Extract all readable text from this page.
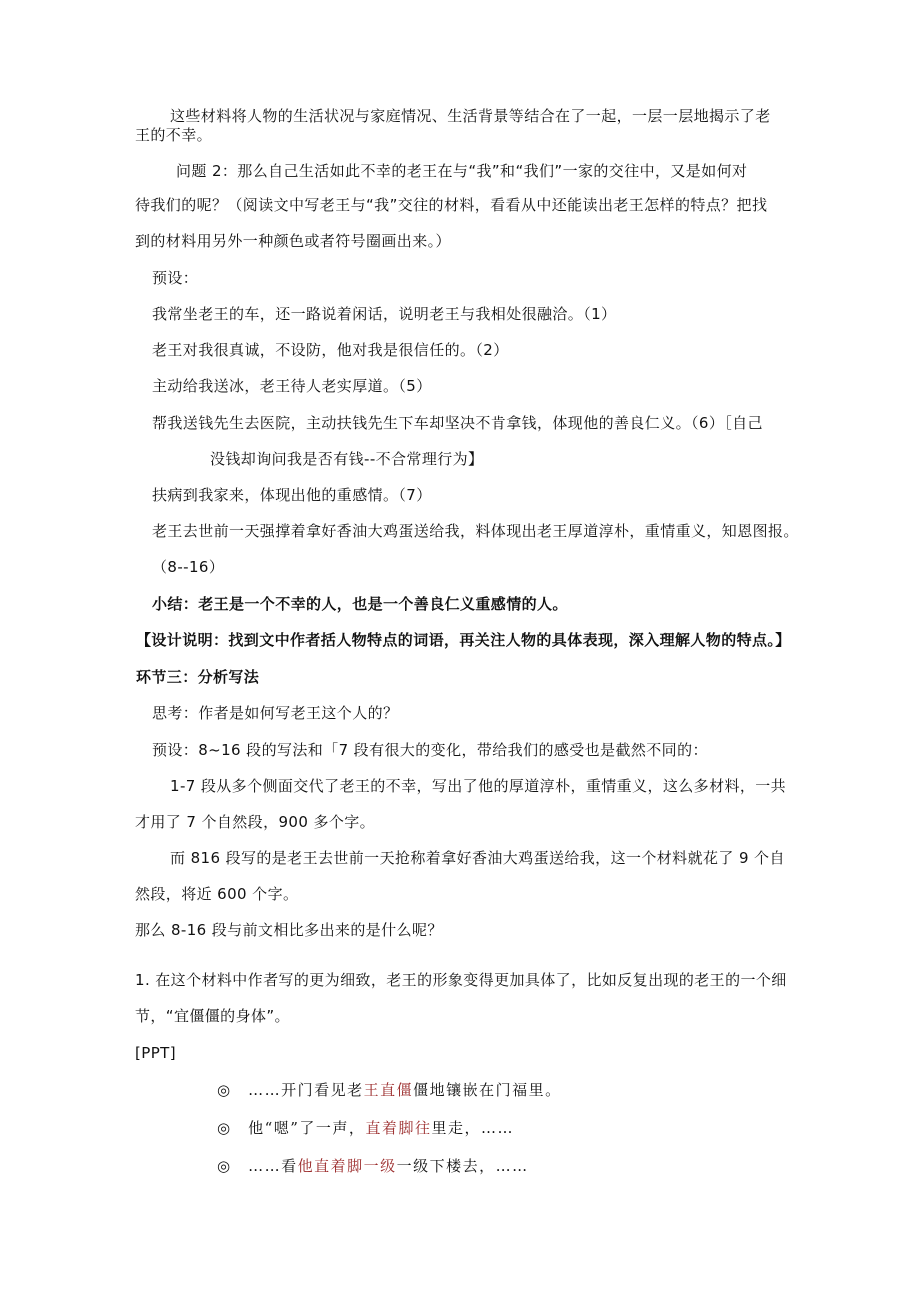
这些材料将人物的生活状况与家庭情况、生活背景等结合在了一起，一层一层地揭示了老
王的不幸。
问题 2：那么自己生活如此不幸的老王在与“我”和“我们”一家的交往中，又是如何对
待我们的呢？（阅读文中写老王与“我”交往的材料，看看从中还能读出老王怎样的特点？把找
到的材料用另外一种颜色或者符号圈画出来。）
预设：
我常坐老王的车，还一路说着闲话，说明老王与我相处很融洽。（1）
老王对我很真诚，不设防，他对我是很信任的。（2）
主动给我送冰，老王待人老实厚道。（5）
帮我送钱先生去医院，主动扶钱先生下车却坚决不肯拿钱，体现他的善良仁义。（6）［自己
没钱却询问我是否有钱--不合常理行为】
扶病到我家来，体现出他的重感情。（7）
老王去世前一天强撑着拿好香油大鸡蛋送给我，料体现出老王厚道淳朴，重情重义，知恩图报。
（8--16）
小结：老王是一个不幸的人，也是一个善良仁义重感情的人。
【设计说明：找到文中作者括人物特点的词语，再关注人物的具体表现，深入理解人物的特点。】
环节三：分析写法
思考：作者是如何写老王这个人的？
预设：8~16 段的写法和「7 段有很大的变化，带给我们的感受也是截然不同的：
1-7 段从多个侧面交代了老王的不幸，写出了他的厚道淳朴，重情重义，这么多材料，一共
才用了 7 个自然段，900 多个字。
而 816 段写的是老王去世前一天抢称着拿好香油大鸡蛋送给我，这一个材料就花了 9 个自
然段，将近 600 个字。
那么 8-16 段与前文相比多出来的是什么呢？
1. 在这个材料中作者写的更为细致，老王的形象变得更加具体了，比如反复出现的老王的一个细
节，“宜僵僵的身体”。
[PPT]
◎　……开门看见老王直僵僵地镶嵌在门福里。
◎　他“嗯”了一声，直着脚往里走，……
◎　……看他直着脚一级一级下楼去，……
